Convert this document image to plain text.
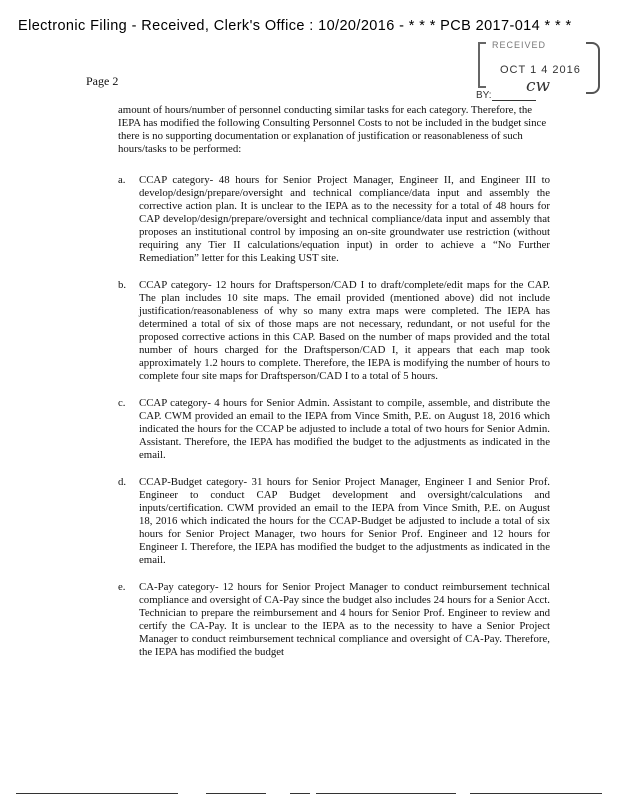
Electronic Filing - Received, Clerk's Office : 10/20/2016 - * * * PCB 2017-014 * * *
Page 2
RECEIVED
OCT 1 4 2016
BY: cw

amount of hours/number of personnel conducting similar tasks for each category. Therefore, the IEPA has modified the following Consulting Personnel Costs to not be included in the budget since there is no supporting documentation or explanation of justification or reasonableness of such hours/tasks to be performed:

a. CCAP category- 48 hours for Senior Project Manager, Engineer II, and Engineer III to develop/design/prepare/oversight and technical compliance/data input and assembly the corrective action plan. It is unclear to the IEPA as to the necessity for a total of 48 hours for CAP develop/design/prepare/oversight and technical compliance/data input and assembly that proposes an institutional control by imposing an on-site groundwater use restriction (without requiring any Tier II calculations/equation input) in order to achieve a “No Further Remediation” letter for this Leaking UST site.
b. CCAP category- 12 hours for Draftsperson/CAD I to draft/complete/edit maps for the CAP. The plan includes 10 site maps. The email provided (mentioned above) did not include justification/reasonableness of why so many extra maps were completed. The IEPA has determined a total of six of those maps are not necessary, redundant, or not useful for the proposed corrective actions in this CAP. Based on the number of maps provided and the total number of hours charged for the Draftsperson/CAD I, it appears that each map took approximately 1.2 hours to complete. Therefore, the IEPA is modifying the number of hours to complete four site maps for Draftsperson/CAD I to a total of 5 hours.
c. CCAP category- 4 hours for Senior Admin. Assistant to compile, assemble, and distribute the CAP. CWM provided an email to the IEPA from Vince Smith, P.E. on August 18, 2016 which indicated the hours for the CCAP be adjusted to include a total of two hours for Senior Admin. Assistant. Therefore, the IEPA has modified the budget to the adjustments as indicated in the email.
d. CCAP-Budget category- 31 hours for Senior Project Manager, Engineer I and Senior Prof. Engineer to conduct CAP Budget development and oversight/calculations and inputs/certification. CWM provided an email to the IEPA from Vince Smith, P.E. on August 18, 2016 which indicated the hours for the CCAP-Budget be adjusted to include a total of six hours for Senior Project Manager, two hours for Senior Prof. Engineer and 12 hours for Engineer I. Therefore, the IEPA has modified the budget to the adjustments as indicated in the email.
e. CA-Pay category- 12 hours for Senior Project Manager to conduct reimbursement technical compliance and oversight of CA-Pay since the budget also includes 24 hours for a Senior Acct. Technician to prepare the reimbursement and 4 hours for Senior Prof. Engineer to review and certify the CA-Pay. It is unclear to the IEPA as to the necessity to have a Senior Project Manager to conduct reimbursement technical compliance and oversight of CA-Pay. Therefore, the IEPA has modified the budget
